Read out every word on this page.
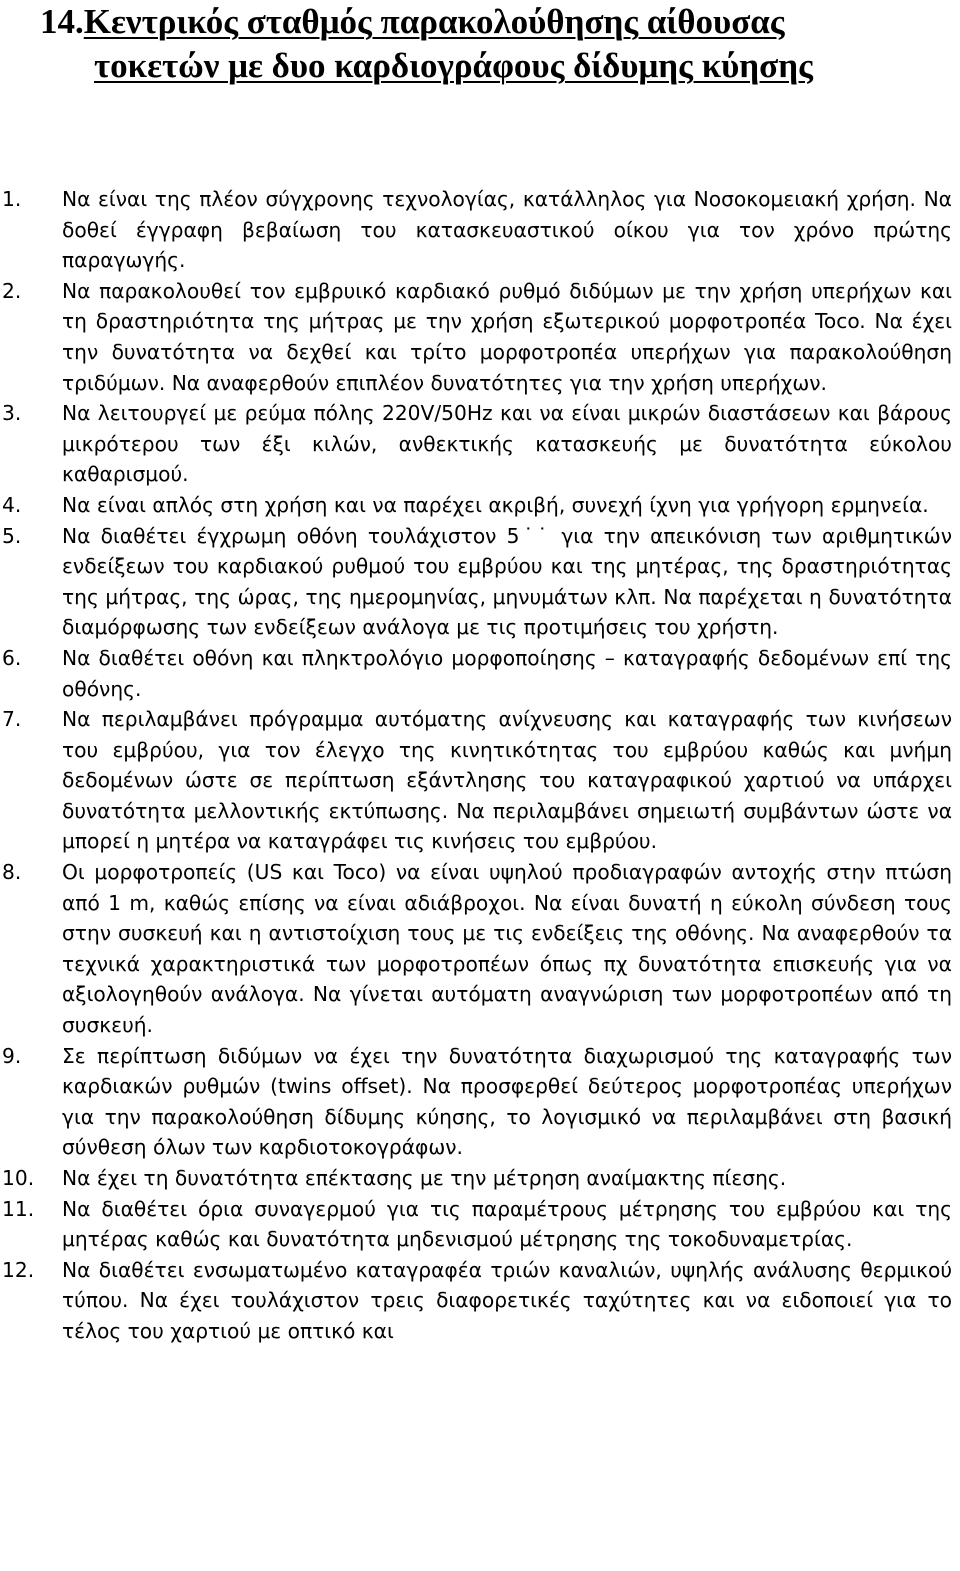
14.Κεντρικός σταθμός παρακολούθησης αίθουσας
τοκετών με δυο καρδιογράφους δίδυμης κύησης
1.	Να είναι της πλέον σύγχρονης τεχνολογίας, κατάλληλος για Νοσοκομειακή χρήση. Να δοθεί έγγραφη βεβαίωση του κατασκευαστικού οίκου για τον χρόνο πρώτης παραγωγής.
2.	Να παρακολουθεί τον εμβρυικό καρδιακό ρυθμό διδύμων με την χρήση υπερήχων και τη δραστηριότητα της μήτρας με την χρήση εξωτερικού μορφοτροπέα Toco. Να έχει την δυνατότητα να δεχθεί και τρίτο μορφοτροπέα υπερήχων για παρακολούθηση τριδύμων. Να αναφερθούν επιπλέον δυνατότητες για την χρήση υπερήχων.
3.	Να λειτουργεί με ρεύμα πόλης 220V/50Hz και να είναι μικρών διαστάσεων και βάρους μικρότερου των έξι κιλών, ανθεκτικής κατασκευής με δυνατότητα εύκολου καθαρισμού.
4.	Να είναι απλός στη χρήση και να παρέχει ακριβή, συνεχή ίχνη για γρήγορη ερμηνεία.
5.	Να διαθέτει έγχρωμη οθόνη τουλάχιστον 5˙˙ για την απεικόνιση των αριθμητικών ενδείξεων του καρδιακού ρυθμού του εμβρύου και της μητέρας, της δραστηριότητας της μήτρας, της ώρας, της ημερομηνίας, μηνυμάτων κλπ. Να παρέχεται η δυνατότητα διαμόρφωσης των ενδείξεων ανάλογα με τις προτιμήσεις του χρήστη.
6.	Να διαθέτει οθόνη και πληκτρολόγιο μορφοποίησης – καταγραφής δεδομένων επί της οθόνης.
7.	Να περιλαμβάνει πρόγραμμα αυτόματης ανίχνευσης και καταγραφής των κινήσεων του εμβρύου, για τον έλεγχο της κινητικότητας του εμβρύου καθώς και μνήμη δεδομένων ώστε σε περίπτωση εξάντλησης του καταγραφικού χαρτιού να υπάρχει δυνατότητα μελλοντικής εκτύπωσης. Να περιλαμβάνει σημειωτή συμβάντων ώστε να μπορεί η μητέρα να καταγράφει τις κινήσεις του εμβρύου.
8.	Οι μορφοτροπείς (US και Toco) να είναι υψηλού προδιαγραφών αντοχής στην πτώση από 1 m, καθώς επίσης να είναι αδιάβροχοι. Να είναι δυνατή η εύκολη σύνδεση τους στην συσκευή και η αντιστοίχιση τους με τις ενδείξεις της οθόνης. Να αναφερθούν τα τεχνικά χαρακτηριστικά των μορφοτροπέων όπως πχ δυνατότητα επισκευής για να αξιολογηθούν ανάλογα. Να γίνεται αυτόματη αναγνώριση των μορφοτροπέων από τη συσκευή.
9.	Σε περίπτωση διδύμων να έχει την δυνατότητα διαχωρισμού της καταγραφής των καρδιακών ρυθμών (twins offset). Να προσφερθεί δεύτερος μορφοτροπέας υπερήχων για την παρακολούθηση δίδυμης κύησης, το λογισμικό να περιλαμβάνει στη βασική σύνθεση όλων των καρδιοτοκογράφων.
10.	Να έχει τη δυνατότητα επέκτασης με την μέτρηση αναίμακτης πίεσης.
11.	Να διαθέτει όρια συναγερμού για τις παραμέτρους μέτρησης του εμβρύου και της μητέρας καθώς και δυνατότητα μηδενισμού μέτρησης της τοκοδυναμετρίας.
12.	Να διαθέτει ενσωματωμένο καταγραφέα τριών καναλιών, υψηλής ανάλυσης θερμικού τύπου. Να έχει τουλάχιστον τρεις διαφορετικές ταχύτητες και να ειδοποιεί για το τέλος του χαρτιού με οπτικό και
